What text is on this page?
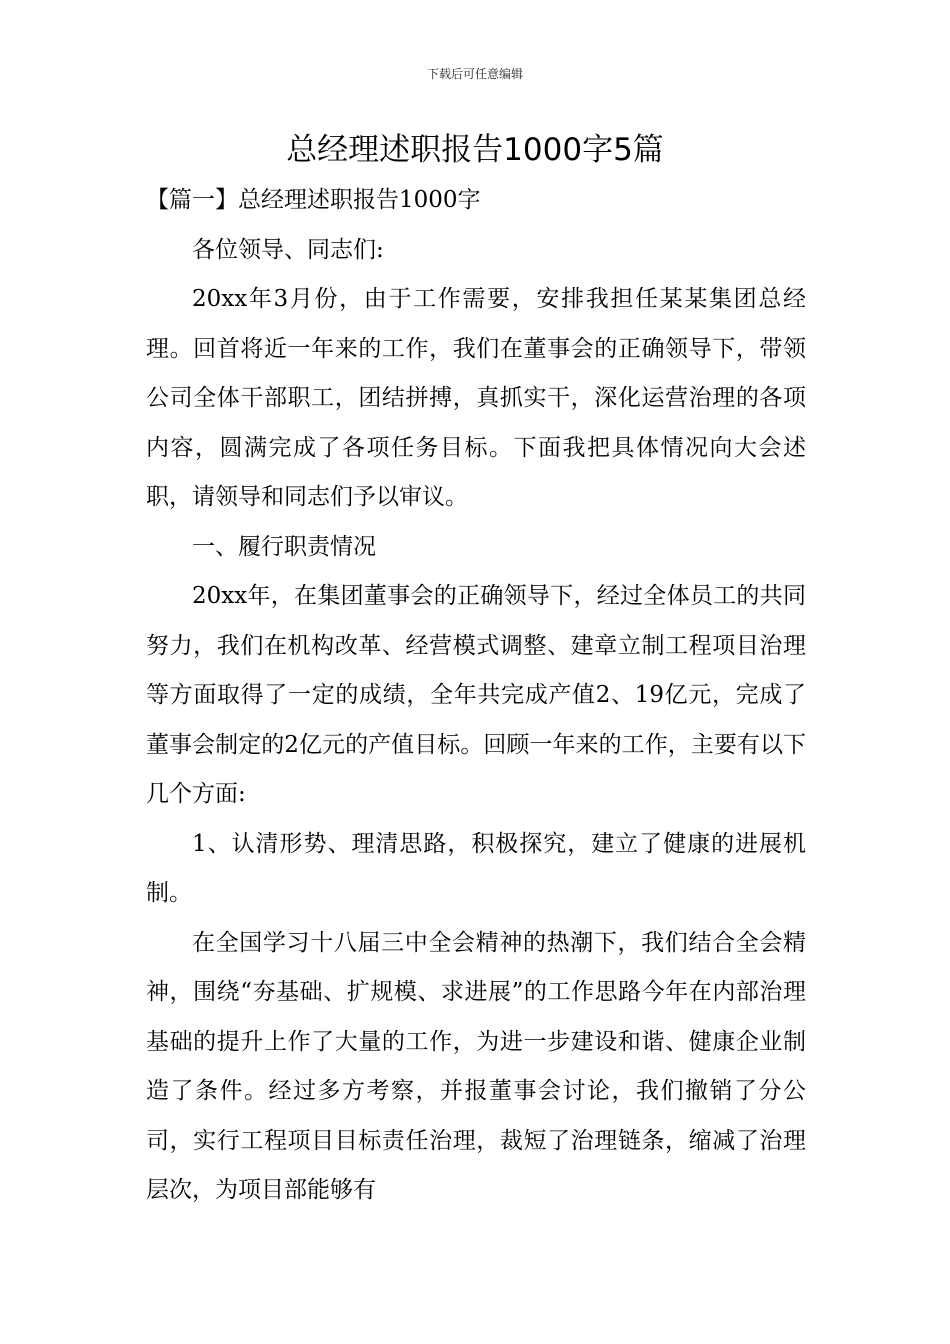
下载后可任意编辑
总经理述职报告1000字5篇

【篇一】总经理述职报告1000字

各位领导、同志们:

20xx年3月份，由于工作需要，安排我担任某某集团总经理。回首将近一年来的工作，我们在董事会的正确领导下，带领公司全体干部职工，团结拼搏，真抓实干，深化运营治理的各项内容，圆满完成了各项任务目标。下面我把具体情况向大会述职，请领导和同志们予以审议。

一、履行职责情况

20xx年，在集团董事会的正确领导下，经过全体员工的共同努力，我们在机构改革、经营模式调整、建章立制工程项目治理等方面取得了一定的成绩，全年共完成产值2、19亿元，完成了董事会制定的2亿元的产值目标。回顾一年来的工作，主要有以下几个方面:

1、认清形势、理清思路，积极探究，建立了健康的进展机制。

在全国学习十八届三中全会精神的热潮下，我们结合全会精神，围绕“夯基础、扩规模、求进展”的工作思路今年在内部治理基础的提升上作了大量的工作，为进一步建设和谐、健康企业制造了条件。经过多方考察，并报董事会讨论，我们撤销了分公司，实行工程项目目标责任治理，裁短了治理链条，缩减了治理层次，为项目部能够有
